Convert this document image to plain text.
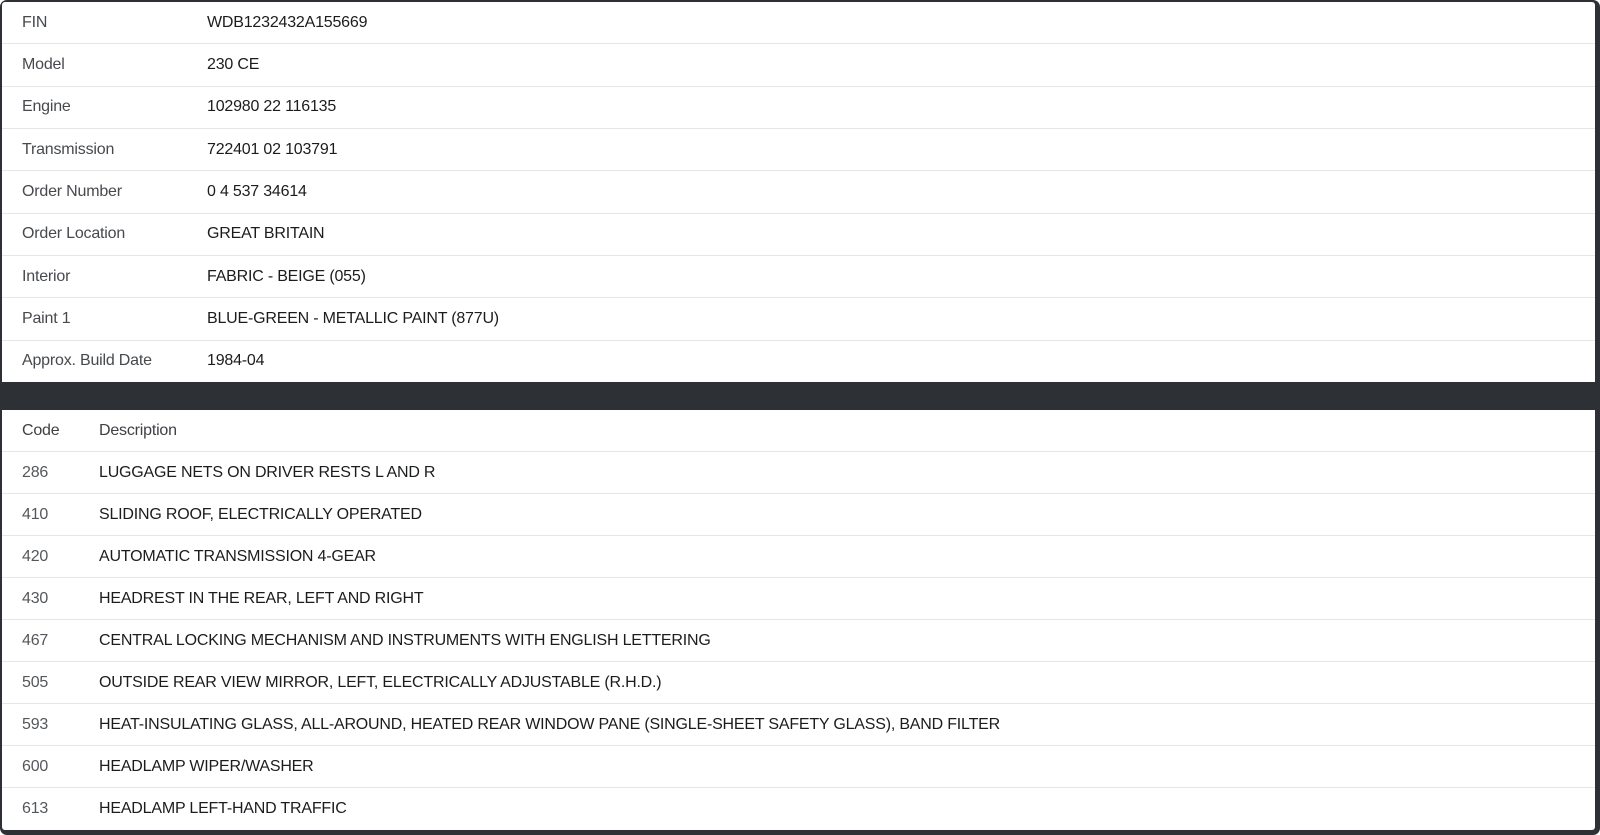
FIN	WDB1232432A155669
Model	230 CE
Engine	102980 22 116135
Transmission	722401 02 103791
Order Number	0 4 537 34614
Order Location	GREAT BRITAIN
Interior	FABRIC - BEIGE (055)
Paint 1	BLUE-GREEN - METALLIC PAINT (877U)
Approx. Build Date	1984-04
Code	Description
286	LUGGAGE NETS ON DRIVER RESTS L AND R
410	SLIDING ROOF, ELECTRICALLY OPERATED
420	AUTOMATIC TRANSMISSION 4-GEAR
430	HEADREST IN THE REAR, LEFT AND RIGHT
467	CENTRAL LOCKING MECHANISM AND INSTRUMENTS WITH ENGLISH LETTERING
505	OUTSIDE REAR VIEW MIRROR, LEFT, ELECTRICALLY ADJUSTABLE (R.H.D.)
593	HEAT-INSULATING GLASS, ALL-AROUND, HEATED REAR WINDOW PANE (SINGLE-SHEET SAFETY GLASS), BAND FILTER
600	HEADLAMP WIPER/WASHER
613	HEADLAMP LEFT-HAND TRAFFIC
